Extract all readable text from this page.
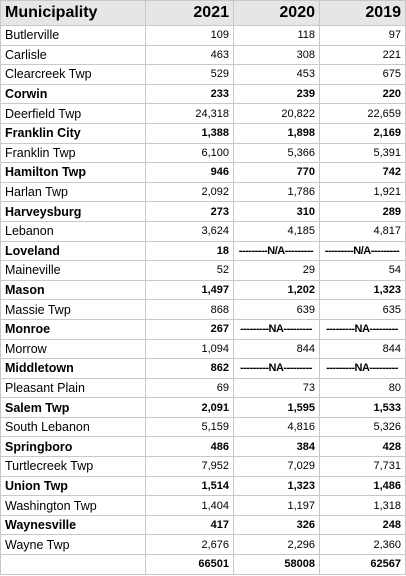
Municipality	2021	2020	2019
Butlerville	109	118	97
Carlisle	463	308	221
Clearcreek Twp	529	453	675
Corwin	233	239	220
Deerfield Twp	24,318	20,822	22,659
Franklin City	1,388	1,898	2,169
Franklin Twp	6,100	5,366	5,391
Hamilton Twp	946	770	742
Harlan Twp	2,092	1,786	1,921
Harveysburg	273	310	289
Lebanon	3,624	4,185	4,817
Loveland	18	---------N/A---------	---------N/A---------
Maineville	52	29	54
Mason	1,497	1,202	1,323
Massie Twp	868	639	635
Monroe	267	---------NA---------	---------NA---------
Morrow	1,094	844	844
Middletown	862	---------NA---------	---------NA---------
Pleasant Plain	69	73	80
Salem Twp	2,091	1,595	1,533
South Lebanon	5,159	4,816	5,326
Springboro	486	384	428
Turtlecreek Twp	7,952	7,029	7,731
Union Twp	1,514	1,323	1,486
Washington Twp	1,404	1,197	1,318
Waynesville	417	326	248
Wayne Twp	2,676	2,296	2,360
	66501	58008	62567
